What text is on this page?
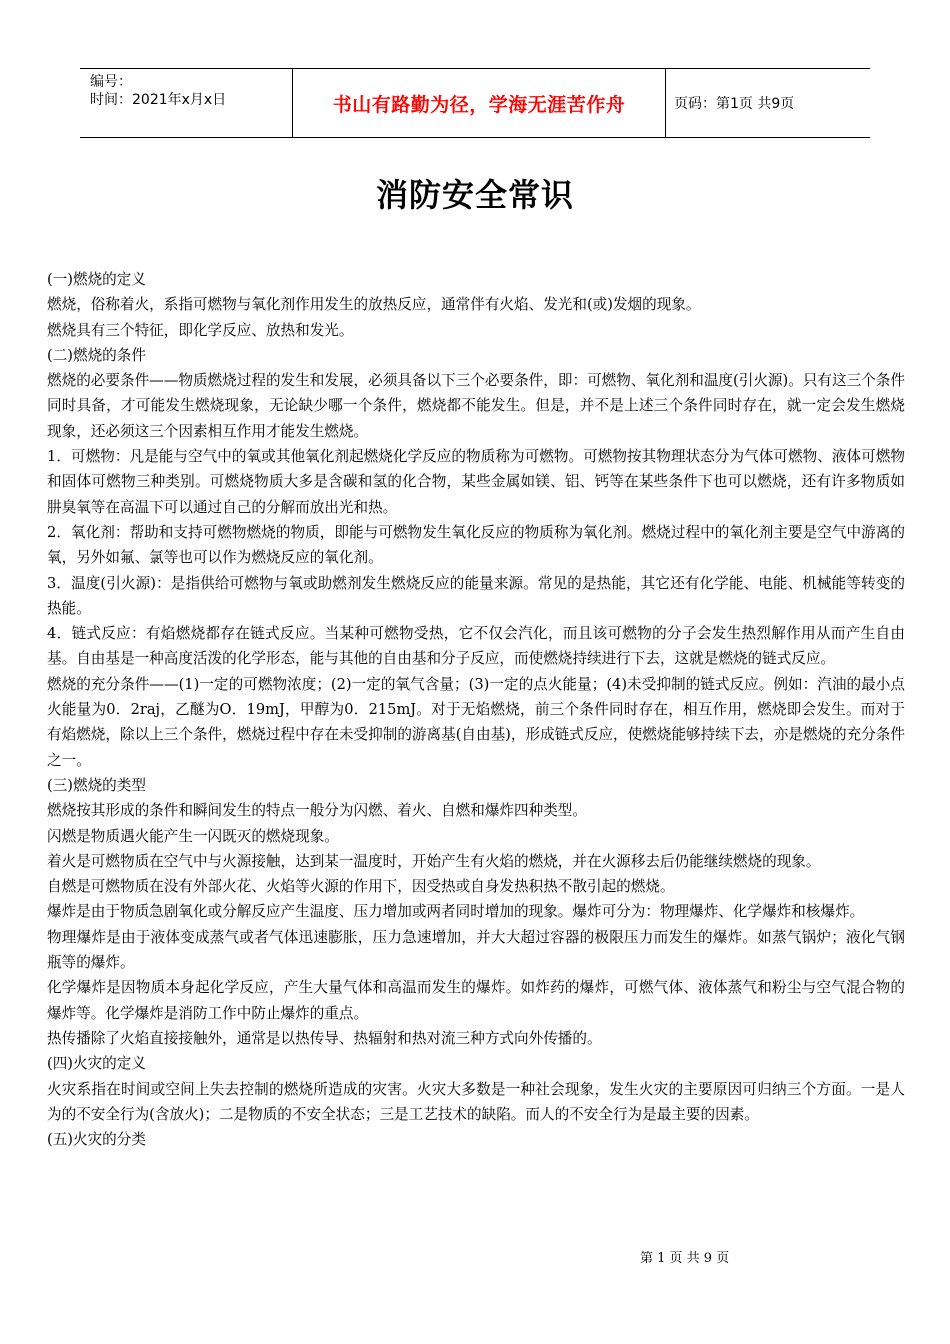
编号：
时间：2021年x月x日	书山有路勤为径，学海无涯苦作舟	页码：第1页 共9页
消防安全常识

(一)燃烧的定义

燃烧，俗称着火，系指可燃物与氧化剂作用发生的放热反应，通常伴有火焰、发光和(或)发烟的现象。

燃烧具有三个特征，即化学反应、放热和发光。

(二)燃烧的条件

燃烧的必要条件——物质燃烧过程的发生和发展，必须具备以下三个必要条件，即：可燃物、氧化剂和温度(引火源)。只有这三个条件同时具备，才可能发生燃烧现象，无论缺少哪一个条件，燃烧都不能发生。但是，并不是上述三个条件同时存在，就一定会发生燃烧现象，还必须这三个因素相互作用才能发生燃烧。

1．可燃物：凡是能与空气中的氧或其他氧化剂起燃烧化学反应的物质称为可燃物。可燃物按其物理状态分为气体可燃物、液体可燃物和固体可燃物三种类别。可燃烧物质大多是含碳和氢的化合物，某些金属如镁、铝、钙等在某些条件下也可以燃烧，还有许多物质如肼臭氧等在高温下可以通过自己的分解而放出光和热。

2．氧化剂：帮助和支持可燃物燃烧的物质，即能与可燃物发生氧化反应的物质称为氧化剂。燃烧过程中的氧化剂主要是空气中游离的氧，另外如氟、氯等也可以作为燃烧反应的氧化剂。

3．温度(引火源)：是指供给可燃物与氧或助燃剂发生燃烧反应的能量来源。常见的是热能，其它还有化学能、电能、机械能等转变的热能。

4．链式反应：有焰燃烧都存在链式反应。当某种可燃物受热，它不仅会汽化，而且该可燃物的分子会发生热烈解作用从而产生自由基。自由基是一种高度活泼的化学形态，能与其他的自由基和分子反应，而使燃烧持续进行下去，这就是燃烧的链式反应。

燃烧的充分条件——(1)一定的可燃物浓度；(2)一定的氧气含量；(3)一定的点火能量；(4)未受抑制的链式反应。例如：汽油的最小点火能量为0．2raj，乙醚为O．19mJ，甲醇为0．215mJ。对于无焰燃烧，前三个条件同时存在，相互作用，燃烧即会发生。而对于有焰燃烧，除以上三个条件，燃烧过程中存在未受抑制的游离基(自由基)，形成链式反应，使燃烧能够持续下去，亦是燃烧的充分条件之一。

(三)燃烧的类型

燃烧按其形成的条件和瞬间发生的特点一般分为闪燃、着火、自燃和爆炸四种类型。

闪燃是物质遇火能产生一闪既灭的燃烧现象。

着火是可燃物质在空气中与火源接触，达到某一温度时，开始产生有火焰的燃烧，并在火源移去后仍能继续燃烧的现象。

自燃是可燃物质在没有外部火花、火焰等火源的作用下，因受热或自身发热积热不散引起的燃烧。

爆炸是由于物质急剧氧化或分解反应产生温度、压力增加或两者同时增加的现象。爆炸可分为：物理爆炸、化学爆炸和核爆炸。

物理爆炸是由于液体变成蒸气或者气体迅速膨胀，压力急速增加，并大大超过容器的极限压力而发生的爆炸。如蒸气锅炉；液化气钢瓶等的爆炸。

化学爆炸是因物质本身起化学反应，产生大量气体和高温而发生的爆炸。如炸药的爆炸，可燃气体、液体蒸气和粉尘与空气混合物的爆炸等。化学爆炸是消防工作中防止爆炸的重点。

热传播除了火焰直接接触外，通常是以热传导、热辐射和热对流三种方式向外传播的。

(四)火灾的定义

火灾系指在时间或空间上失去控制的燃烧所造成的灾害。火灾大多数是一种社会现象，发生火灾的主要原因可归纳三个方面。一是人为的不安全行为(含放火)；二是物质的不安全状态；三是工艺技术的缺陷。而人的不安全行为是最主要的因素。

(五)火灾的分类

第 1 页 共 9 页
